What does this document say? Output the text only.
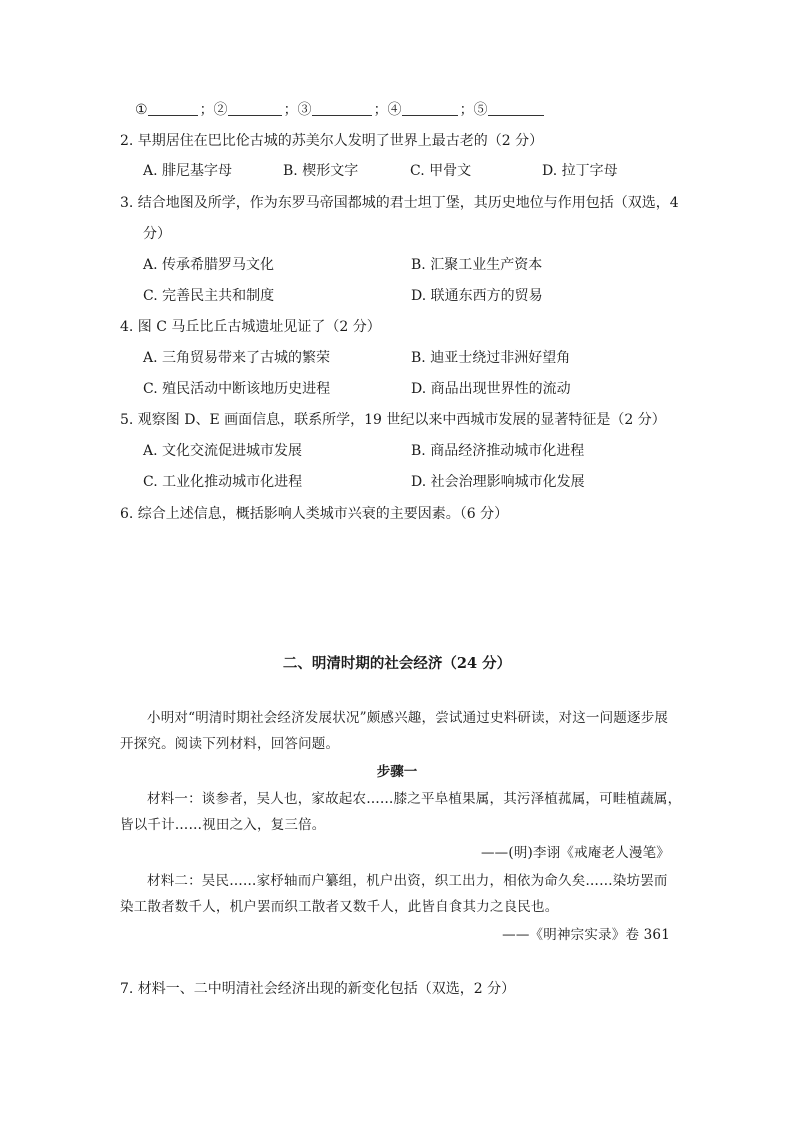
①	；②	；③	；④	；⑤
2. 早期居住在巴比伦古城的苏美尔人发明了世界上最古老的（2 分）
A. 腓尼基字母	B. 楔形文字	C. 甲骨文	D. 拉丁字母
3. 结合地图及所学，作为东罗马帝国都城的君士坦丁堡，其历史地位与作用包括（双选，4
分）
A. 传承希腊罗马文化	B. 汇聚工业生产资本
C. 完善民主共和制度	D. 联通东西方的贸易
4. 图 C 马丘比丘古城遗址见证了（2 分）
A. 三角贸易带来了古城的繁荣	B. 迪亚士绕过非洲好望角
C. 殖民活动中断该地历史进程	D. 商品出现世界性的流动
5. 观察图 D、E 画面信息，联系所学，19 世纪以来中西城市发展的显著特征是（2 分）
A. 文化交流促进城市发展	B. 商品经济推动城市化进程
C. 工业化推动城市化进程	D. 社会治理影响城市化发展
6. 综合上述信息，概括影响人类城市兴衰的主要因素。（6 分）
二、明清时期的社会经济（24 分）
小明对“明清时期社会经济发展状况”颇感兴趣，尝试通过史料研读，对这一问题逐步展
开探究。阅读下列材料，回答问题。
步骤一
材料一：谈参者，吴人也，家故起农……膝之平阜植果属，其污泽植菰属，可畦植蔬属，
皆以千计……视田之入，复三倍。
——(明)李诩《戒庵老人漫笔》
材料二：吴民……家杼轴而户纂组，机户出资，织工出力，相依为命久矣……染坊罢而
染工散者数千人，机户罢而织工散者又数千人，此皆自食其力之良民也。
——《明神宗实录》卷 361
7. 材料一、二中明清社会经济出现的新变化包括（双选，2 分）
